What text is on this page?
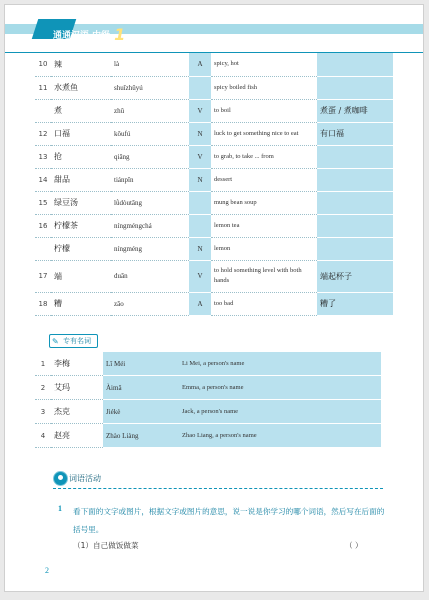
通通汉语 中级 1
10	辣	là	A	spicy, hot	
11	水煮鱼	shuǐzhǔyú		spicy boiled fish	
	煮	zhǔ	V	to boil	煮蛋 / 煮咖啡
12	口福	kǒufú	N	luck to get something nice to eat	有口福
13	抢	qiǎng	V	to grab, to take ... from	
14	甜品	tiánpǐn	N	dessert	
15	绿豆汤	lǜdòutāng		mung bean soup	
16	柠檬茶	níngméngchá		lemon tea	
	柠檬	níngméng	N	lemon	
17	端	duān	V	to hold something level with both hands	端起杯子
18	糟	zāo	A	too bad	糟了
✎ 专有名词
1	李梅	Lǐ Méi	Li Mei, a person's name
2	艾玛	Àimǎ	Emma, a person's name
3	杰克	Jiékè	Jack, a person's name
4	赵亮	Zhào Liàng	Zhao Liang, a person's name
词语活动
1 看下面的文字或图片，根据文字或图片的意思，说一说是你学习的哪个词语，然后写在后面的括号里。
（1）自己做饭做菜	（ ）
2
